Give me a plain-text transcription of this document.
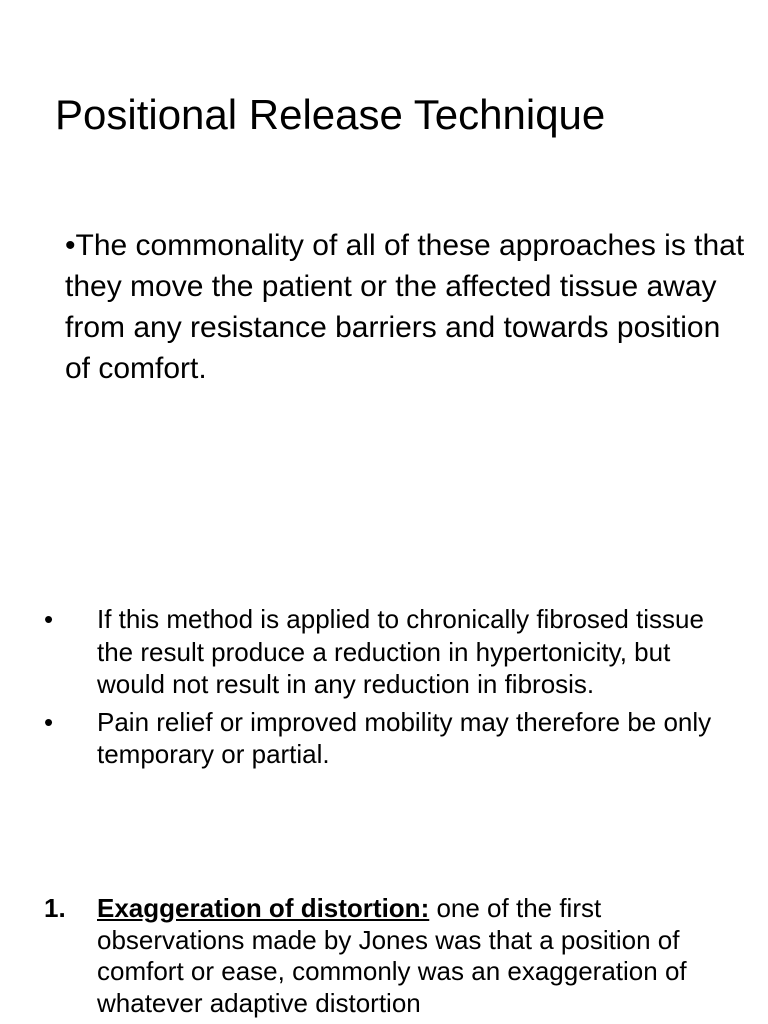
Positional Release Technique

•The commonality of all of these approaches is that they move the patient or the affected tissue away from any resistance barriers and towards position of comfort.

• If this method is applied to chronically fibrosed tissue the result produce a reduction in hypertonicity, but would not result in any reduction in fibrosis.
• Pain relief or improved mobility may therefore be only temporary or partial.
1. Exaggeration of distortion: one of the first observations made by Jones was that a position of comfort or ease, commonly was an exaggeration of whatever adaptive distortion
